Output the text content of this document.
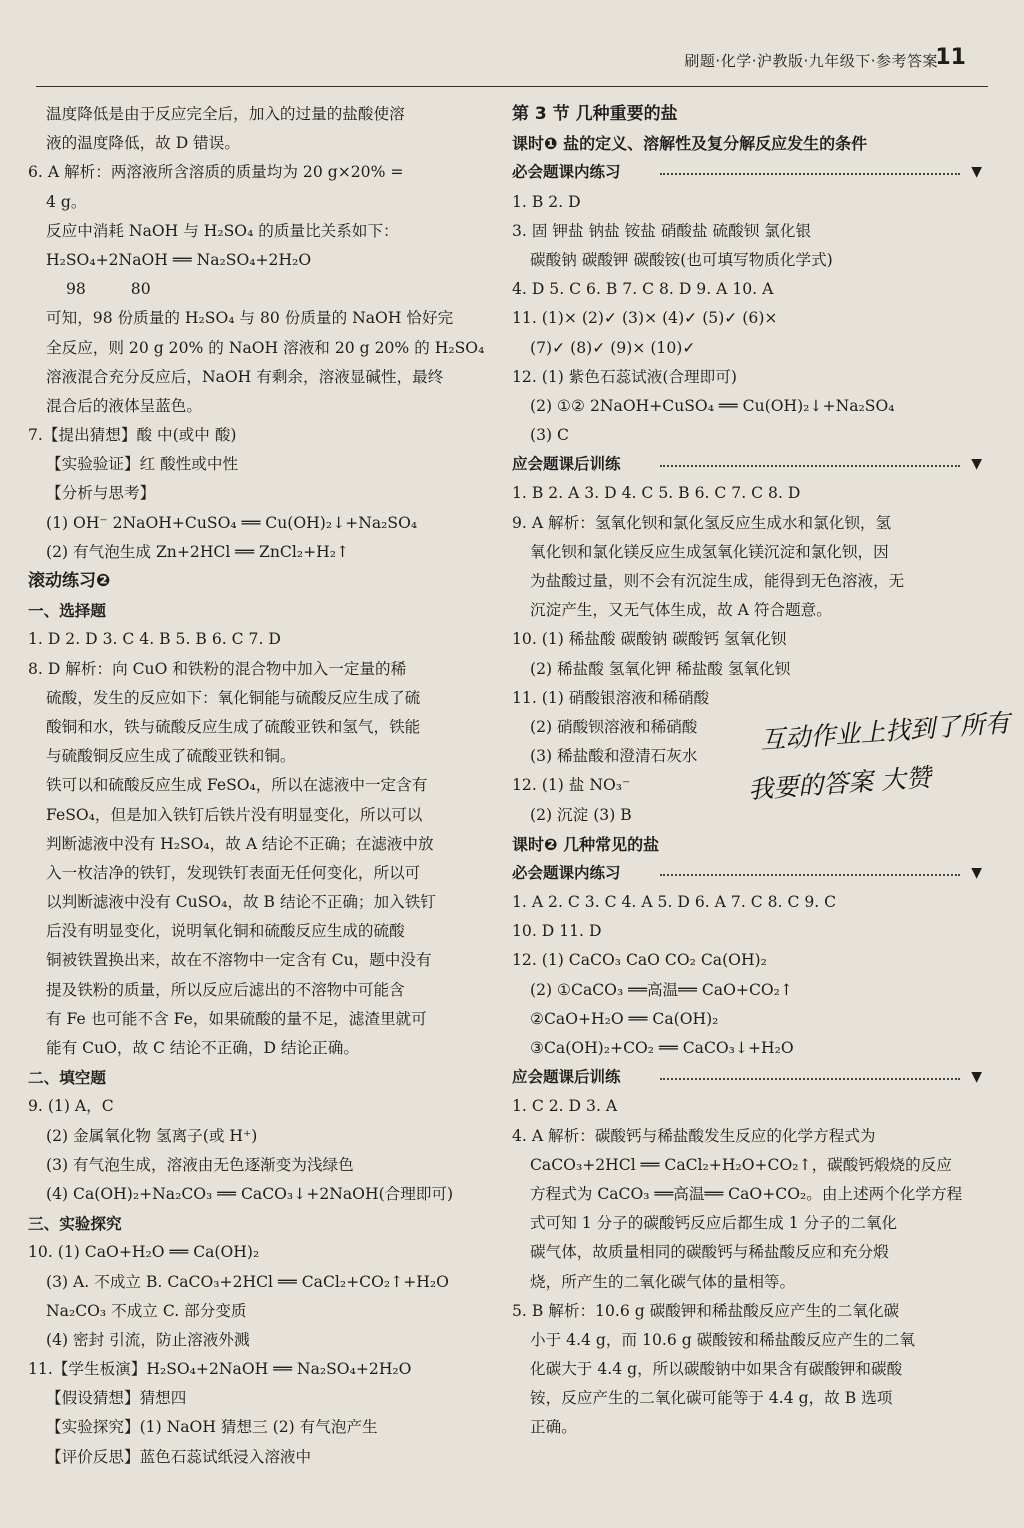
刷题·化学·沪教版·九年级下·参考答案
11
温度降低是由于反应完全后，加入的过量的盐酸使溶
液的温度降低，故 D 错误。
6. A 解析：两溶液所含溶质的质量均为 20 g×20% =
4 g。
反应中消耗 NaOH 与 H₂SO₄ 的质量比关系如下：
H₂SO₄+2NaOH ══ Na₂SO₄+2H₂O
98 80
可知，98 份质量的 H₂SO₄ 与 80 份质量的 NaOH 恰好完
全反应，则 20 g 20% 的 NaOH 溶液和 20 g 20% 的 H₂SO₄
溶液混合充分反应后，NaOH 有剩余，溶液显碱性，最终
混合后的液体呈蓝色。
7.【提出猜想】酸 中(或中 酸)
【实验验证】红 酸性或中性
【分析与思考】
(1) OH⁻ 2NaOH+CuSO₄ ══ Cu(OH)₂↓+Na₂SO₄
(2) 有气泡生成 Zn+2HCl ══ ZnCl₂+H₂↑
滚动练习❷
一、选择题
1. D 2. D 3. C 4. B 5. B 6. C 7. D
8. D 解析：向 CuO 和铁粉的混合物中加入一定量的稀
硫酸，发生的反应如下：氧化铜能与硫酸反应生成了硫
酸铜和水，铁与硫酸反应生成了硫酸亚铁和氢气，铁能
与硫酸铜反应生成了硫酸亚铁和铜。
铁可以和硫酸反应生成 FeSO₄，所以在滤液中一定含有
FeSO₄，但是加入铁钉后铁片没有明显变化，所以可以
判断滤液中没有 H₂SO₄，故 A 结论不正确；在滤液中放
入一枚洁净的铁钉，发现铁钉表面无任何变化，所以可
以判断滤液中没有 CuSO₄，故 B 结论不正确；加入铁钉
后没有明显变化，说明氧化铜和硫酸反应生成的硫酸
铜被铁置换出来，故在不溶物中一定含有 Cu，题中没有
提及铁粉的质量，所以反应后滤出的不溶物中可能含
有 Fe 也可能不含 Fe，如果硫酸的量不足，滤渣里就可
能有 CuO，故 C 结论不正确，D 结论正确。
二、填空题
9. (1) A，C
(2) 金属氧化物 氢离子(或 H⁺)
(3) 有气泡生成，溶液由无色逐渐变为浅绿色
(4) Ca(OH)₂+Na₂CO₃ ══ CaCO₃↓+2NaOH(合理即可)
三、实验探究
10. (1) CaO+H₂O ══ Ca(OH)₂
(3) A. 不成立 B. CaCO₃+2HCl ══ CaCl₂+CO₂↑+H₂O
Na₂CO₃ 不成立 C. 部分变质
(4) 密封 引流，防止溶液外溅
11.【学生板演】H₂SO₄+2NaOH ══ Na₂SO₄+2H₂O
【假设猜想】猜想四
【实验探究】(1) NaOH 猜想三 (2) 有气泡产生
【评价反思】蓝色石蕊试纸浸入溶液中
第 3 节 几种重要的盐
课时❶ 盐的定义、溶解性及复分解反应发生的条件
必会题课内练习	▼
1. B 2. D
3. 固 钾盐 钠盐 铵盐 硝酸盐 硫酸钡 氯化银
碳酸钠 碳酸钾 碳酸铵(也可填写物质化学式)
4. D 5. C 6. B 7. C 8. D 9. A 10. A
11. (1)× (2)✓ (3)× (4)✓ (5)✓ (6)×
(7)✓ (8)✓ (9)× (10)✓
12. (1) 紫色石蕊试液(合理即可)
(2) ①② 2NaOH+CuSO₄ ══ Cu(OH)₂↓+Na₂SO₄
(3) C
应会题课后训练	▼
1. B 2. A 3. D 4. C 5. B 6. C 7. C 8. D
9. A 解析：氢氧化钡和氯化氢反应生成水和氯化钡，氢
氧化钡和氯化镁反应生成氢氧化镁沉淀和氯化钡，因
为盐酸过量，则不会有沉淀生成，能得到无色溶液，无
沉淀产生，又无气体生成，故 A 符合题意。
10. (1) 稀盐酸 碳酸钠 碳酸钙 氢氧化钡
(2) 稀盐酸 氢氧化钾 稀盐酸 氢氧化钡
11. (1) 硝酸银溶液和稀硝酸
(2) 硝酸钡溶液和稀硝酸
(3) 稀盐酸和澄清石灰水
12. (1) 盐 NO₃⁻
(2) 沉淀 (3) B
课时❷ 几种常见的盐
必会题课内练习	▼
1. A 2. C 3. C 4. A 5. D 6. A 7. C 8. C 9. C
10. D 11. D
12. (1) CaCO₃ CaO CO₂ Ca(OH)₂
(2) ①CaCO₃ ══高温══ CaO+CO₂↑
②CaO+H₂O ══ Ca(OH)₂
③Ca(OH)₂+CO₂ ══ CaCO₃↓+H₂O
应会题课后训练	▼
1. C 2. D 3. A
4. A 解析：碳酸钙与稀盐酸发生反应的化学方程式为
CaCO₃+2HCl ══ CaCl₂+H₂O+CO₂↑，碳酸钙煅烧的反应
方程式为 CaCO₃ ══高温══ CaO+CO₂。由上述两个化学方程
式可知 1 分子的碳酸钙反应后都生成 1 分子的二氧化
碳气体，故质量相同的碳酸钙与稀盐酸反应和充分煅
烧，所产生的二氧化碳气体的量相等。
5. B 解析：10.6 g 碳酸钾和稀盐酸反应产生的二氧化碳
小于 4.4 g，而 10.6 g 碳酸铵和稀盐酸反应产生的二氧
化碳大于 4.4 g，所以碳酸钠中如果含有碳酸钾和碳酸
铵，反应产生的二氧化碳可能等于 4.4 g，故 B 选项
正确。
互动作业上找到了所有
我要的答案 大赞
